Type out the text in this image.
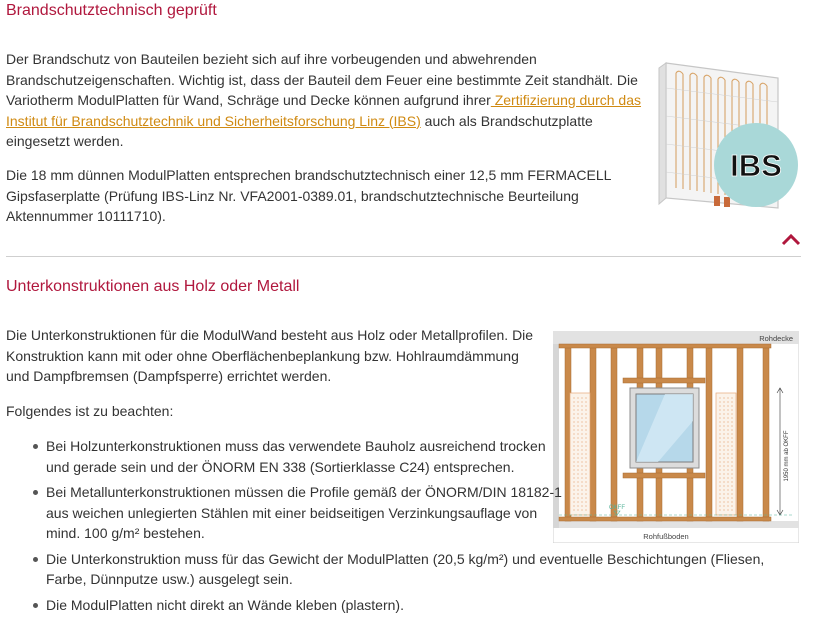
Brandschutztechnisch geprüft

Der Brandschutz von Bauteilen bezieht sich auf ihre vorbeugenden und abwehrenden Brandschutzeigenschaften. Wichtig ist, dass der Bauteil dem Feuer eine bestimmte Zeit standhält. Die Variotherm ModulPlatten für Wand, Schräge und Decke können aufgrund ihrer Zertifizierung durch das Institut für Brandschutztechnik und Sicherheitsforschung Linz (IBS) auch als Brandschutzplatte eingesetzt werden.

Die 18 mm dünnen ModulPlatten entsprechen brandschutztechnisch einer 12,5 mm FERMACELL Gipsfaserplatte (Prüfung IBS-Linz Nr. VFA2001-0389.01, brandschutztechnische Beurteilung Aktennummer 10111710).

IBS
Unterkonstruktionen aus Holz oder Metall

Die Unterkonstruktionen für die ModulWand besteht aus Holz oder Metallprofilen. Die Konstruktion kann mit oder ohne Oberflächenbeplankung bzw. Hohlraumdämmung und Dampfbremsen (Dampfsperre) errichtet werden.

Folgendes ist zu beachten:

Rohdecke
Rohfußboden
1950 mm ab OKFF
OKFF
Bei Holzunterkonstruktionen muss das verwendete Bauholz ausreichend trocken und gerade sein und der ÖNORM EN 338 (Sortierklasse C24) entsprechen.
Bei Metallunterkonstruktionen müssen die Profile gemäß der ÖNORM/DIN 18182-1 aus weichen unlegierten Stählen mit einer beidseitigen Verzinkungsauflage von mind. 100 g/m² bestehen.
Die Unterkonstruktion muss für das Gewicht der ModulPlatten (20,5 kg/m²) und eventuelle Beschichtungen (Fliesen, Farbe, Dünnputze usw.) ausgelegt sein.
Die ModulPlatten nicht direkt an Wände kleben (plastern).
